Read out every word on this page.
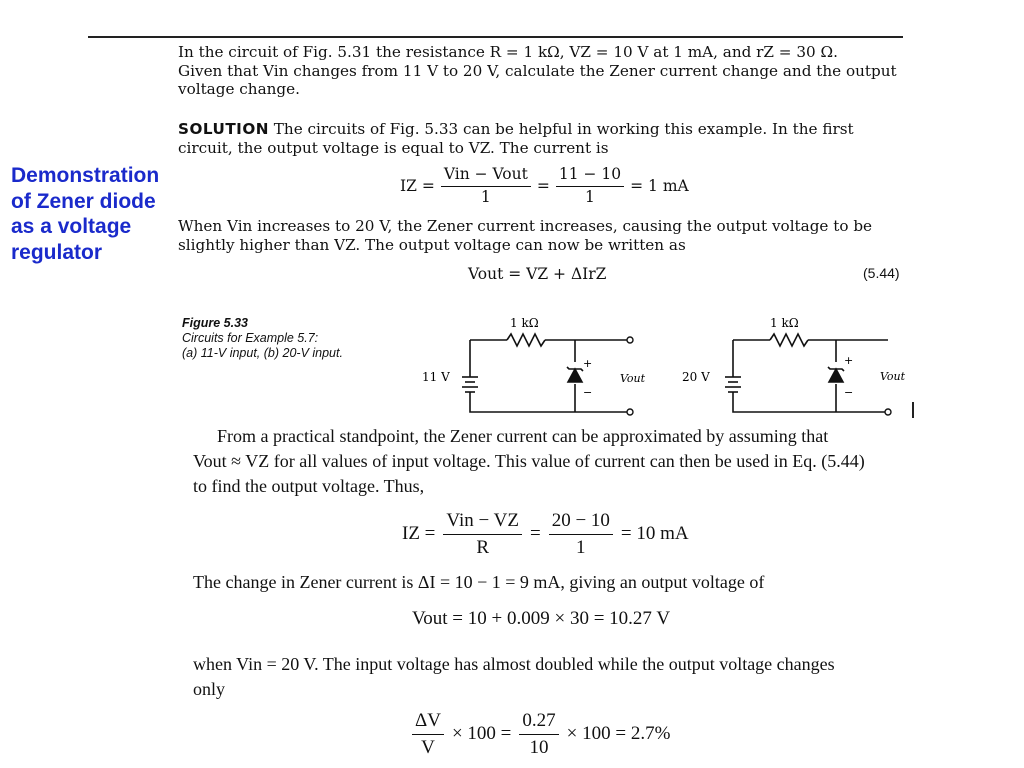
Demonstration
of Zener diode
as a voltage
regulator
In the circuit of Fig. 5.31 the resistance R = 1 kΩ, VZ = 10 V at 1 mA, and rZ = 30 Ω.
Given that Vin changes from 11 V to 20 V, calculate the Zener current change and the output
voltage change.
SOLUTION The circuits of Fig. 5.33 can be helpful in working this example. In the first
circuit, the output voltage is equal to VZ. The current is
IZ = $\frac{\text{Vin − Vout}}{1} = \frac{11 - 10}{1} = 1$ mA
When Vin increases to 20 V, the Zener current increases, causing the output voltage to be
slightly higher than VZ. The output voltage can now be written as
Vout = VZ + ΔIrZ	(5.44)
Figure 5.33
Circuits for Example 5.7:
(a) 11-V input, (b) 20-V input.
1 kΩ
11 V
+
−
Vout
1 kΩ
20 V
+
−
Vout
From a practical standpoint, the Zener current can be approximated by assuming that
Vout ≈ VZ for all values of input voltage. This value of current can then be used in Eq. (5.44)
to find the output voltage. Thus,
IZ = $\frac{\text{Vin − VZ}}{R} = \frac{20 - 10}{1} = 10$ mA
The change in Zener current is ΔI = 10 − 1 = 9 mA, giving an output voltage of
Vout = 10 + 0.009 × 30 = 10.27 V
when Vin = 20 V. The input voltage has almost doubled while the output voltage changes
only
$\frac{\Delta V}{V} \times 100 = \frac{0.27}{10} \times 100 = 2.7\%$
